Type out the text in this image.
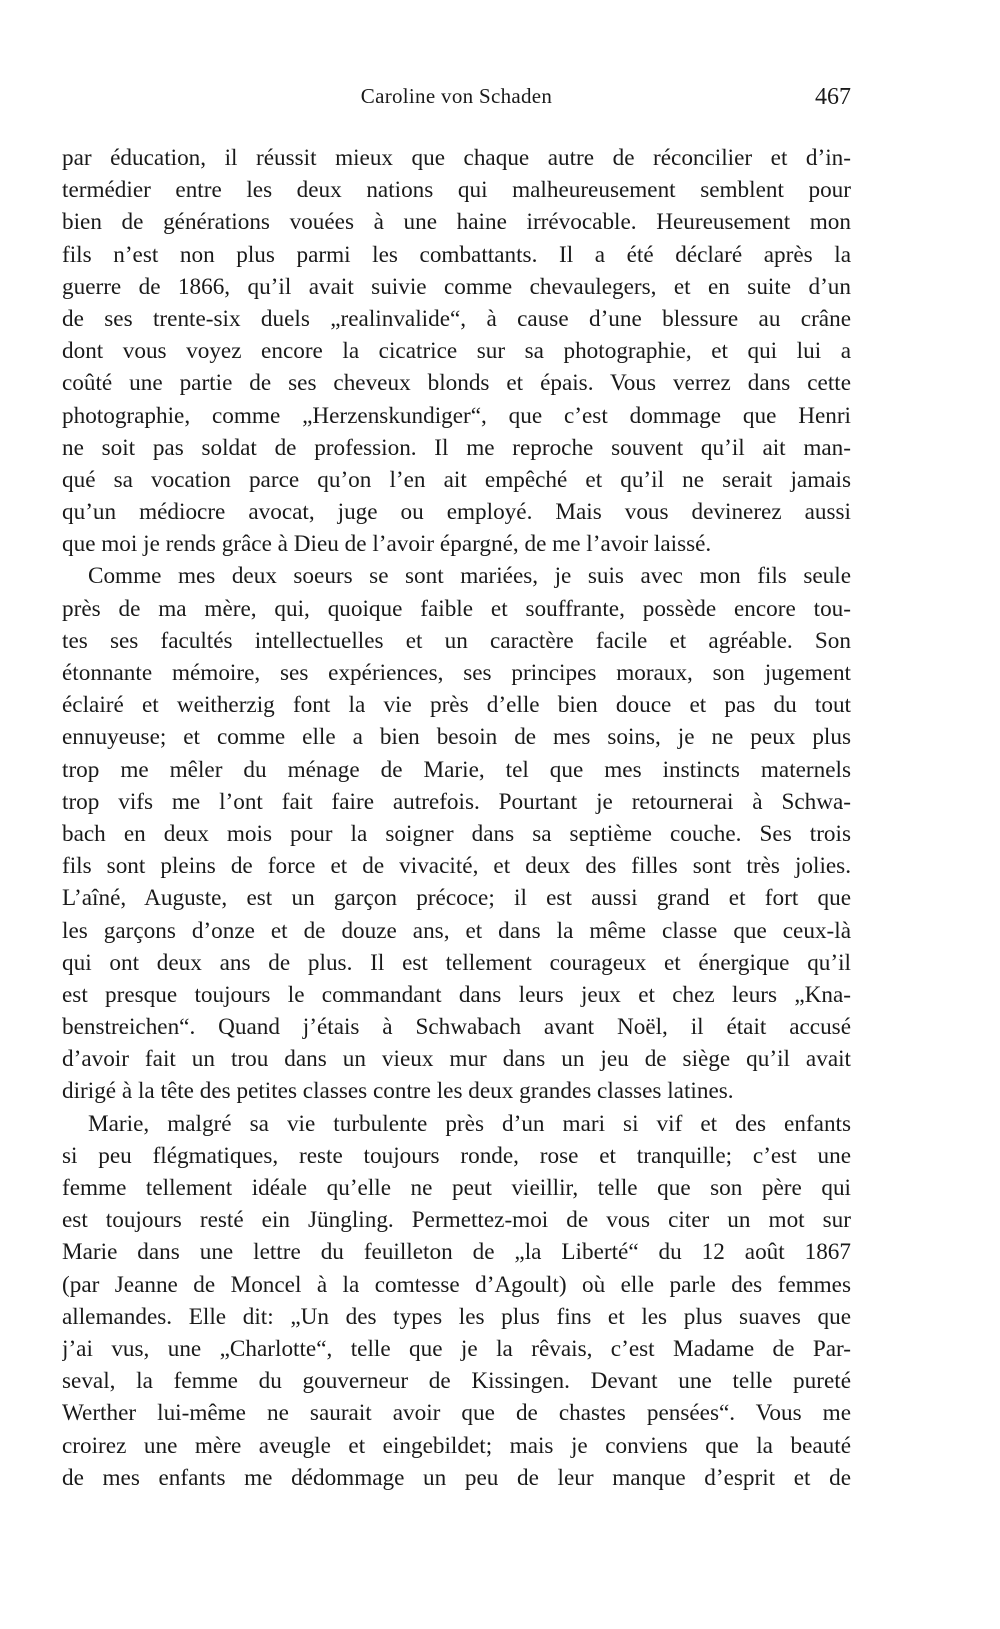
Caroline von Schaden	467
par éducation, il réussit mieux que chaque autre de réconcilier et d’in-
termédier entre les deux nations qui malheureusement semblent pour
bien de générations vouées à une haine irrévocable. Heureusement mon
fils n’est non plus parmi les combattants. Il a été déclaré après la
guerre de 1866, qu’il avait suivie comme chevaulegers, et en suite d’un
de ses trente-six duels „realinvalide“, à cause d’une blessure au crâne
dont vous voyez encore la cicatrice sur sa photographie, et qui lui a
coûté une partie de ses cheveux blonds et épais. Vous verrez dans cette
photographie, comme „Herzenskundiger“, que c’est dommage que Henri
ne soit pas soldat de profession. Il me reproche souvent qu’il ait man-
qué sa vocation parce qu’on l’en ait empêché et qu’il ne serait jamais
qu’un médiocre avocat, juge ou employé. Mais vous devinerez aussi
que moi je rends grâce à Dieu de l’avoir épargné, de me l’avoir laissé.
Comme mes deux soeurs se sont mariées, je suis avec mon fils seule
près de ma mère, qui, quoique faible et souffrante, possède encore tou-
tes ses facultés intellectuelles et un caractère facile et agréable. Son
étonnante mémoire, ses expériences, ses principes moraux, son jugement
éclairé et weitherzig font la vie près d’elle bien douce et pas du tout
ennuyeuse; et comme elle a bien besoin de mes soins, je ne peux plus
trop me mêler du ménage de Marie, tel que mes instincts maternels
trop vifs me l’ont fait faire autrefois. Pourtant je retournerai à Schwa-
bach en deux mois pour la soigner dans sa septième couche. Ses trois
fils sont pleins de force et de vivacité, et deux des filles sont très jolies.
L’aîné, Auguste, est un garçon précoce; il est aussi grand et fort que
les garçons d’onze et de douze ans, et dans la même classe que ceux-là
qui ont deux ans de plus. Il est tellement courageux et énergique qu’il
est presque toujours le commandant dans leurs jeux et chez leurs „Kna-
benstreichen“. Quand j’étais à Schwabach avant Noël, il était accusé
d’avoir fait un trou dans un vieux mur dans un jeu de siège qu’il avait
dirigé à la tête des petites classes contre les deux grandes classes latines.
Marie, malgré sa vie turbulente près d’un mari si vif et des enfants
si peu flégmatiques, reste toujours ronde, rose et tranquille; c’est une
femme tellement idéale qu’elle ne peut vieillir, telle que son père qui
est toujours resté ein Jüngling. Permettez-moi de vous citer un mot sur
Marie dans une lettre du feuilleton de „la Liberté“ du 12 août 1867
(par Jeanne de Moncel à la comtesse d’Agoult) où elle parle des femmes
allemandes. Elle dit: „Un des types les plus fins et les plus suaves que
j’ai vus, une „Charlotte“, telle que je la rêvais, c’est Madame de Par-
seval, la femme du gouverneur de Kissingen. Devant une telle pureté
Werther lui-même ne saurait avoir que de chastes pensées“. Vous me
croirez une mère aveugle et eingebildet; mais je conviens que la beauté
de mes enfants me dédommage un peu de leur manque d’esprit et de
